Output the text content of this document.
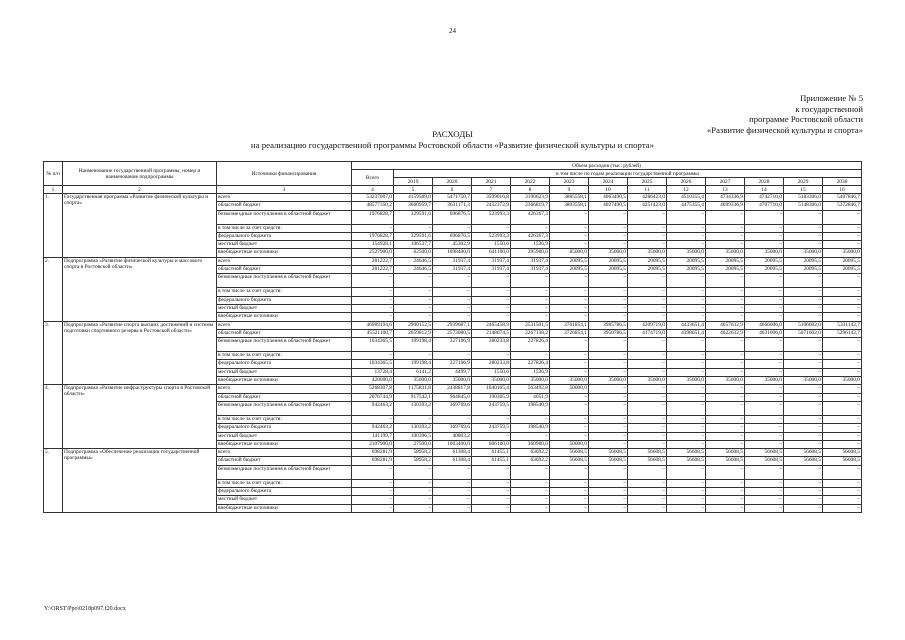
24
Приложение № 5
к государственной
программе Ростовской области
«Развитие физической культуры и спорта»
РАСХОДЫ
на реализацию государственной программы Ростовской области «Развитие физической культуры и спорта»
№ п/п	Наименование государственной программы, номер и наименование подпрограммы	Источники финансирования	Объем расходов (тыс. рублей)												
			Всего	в том числе по годам реализации государственной программы											
				2019	2020	2021	2022	2023	2024	2025	2026	2027	2028	2029	2030
1	2	3	4	5	6	7	8	9	10	11	12	13	14	15	16
1.	Государственная программа «Развитие физической культуры и спорта»	всего	53237007,0	4159589,0	5471750,7	3599016,8	3190623,9	3885558,1	4063490,5	4286423,0	4510355,4	4734336,9	4742710,0	5183306,0	5407846,7
		областной бюджет	48577350,2	3660959,7	3631171,3	2432372,9	2366819,7	3803558,1	4027490,5	4251423,0	4475355,4	4699336,9	4707710,0	5148306,0	5372846,7
		безвозмездные поступления в областной бюджет	1976828,7	329591,6	696876,5	523993,3	426367,3	–	–	–	–	–	–	–	–
		в том числе за счет средств:	–	–	–	–	–	–	–	–	–	–	–	–	–
		федерального бюджета	1976828,7	329591,6	696876,5	523993,3	426367,3	–	–	–	–	–	–	–	–
		местный бюджет	154928,1	106537,7	45302,9	1550,6	1536,9	–	–	–	–	–	–	–	–
		внебюджетные источники	2527900,0	62500,0	1098400,0	641100,0	395900,0	85000,0	35000,0	35000,0	35000,0	35000,0	35000,0	35000,0	35000,0
2.	Подпрограмма «Развитие физической культуры и массового спорта в Ростовской области»	всего	281222,7	24646,5	31937,4	31937,4	31937,4	20095,5	20095,5	20095,5	20095,5	20095,5	20095,5	20095,5	20095,5
		областной бюджет	281222,7	24646,5	31937,4	31937,4	31937,4	20095,5	20095,5	20095,5	20095,5	20095,5	20095,5	20095,5	20095,5
		безвозмездные поступления в областной бюджет	–	–	–	–	–	–	–	–	–	–	–	–	–
		в том числе за счет средств:	–	–	–	–	–	–	–	–	–	–	–	–	–
		федерального бюджета	–	–	–	–	–	–	–	–	–	–	–	–	–
		местный бюджет	–	–	–	–	–	–	–	–	–	–	–	–	–
		внебюджетные источники	–	–	–	–	–	–	–	–	–	–	–	–	–
3.	Подпрограмма «Развитие спорта высших достижений и системы подготовки спортивного резерва в Ростовской области»	всего	46989194,6	2900152,5	2939687,1	2465458,9	2531501,5	3761854,1	3985786,5	4209719,0	4433651,4	4657632,9	4666006,0	5106602,0	5331142,7
		областной бюджет	45521100,7	2659812,9	2573080,5	2148674,5	2267138,2	3726854,1	3950786,5	4174719,0	4398651,4	4622632,9	4631006,0	5071602,0	5296142,7
		безвозмездные поступления в областной бюджет	1034365,5	199198,4	327106,9	280233,8	227826,4	–	–	–	–	–	–	–	–
		в том числе за счет средств:	–	–	–	–	–	–	–	–	–	–	–	–	–
		федерального бюджета	1034365,5	199198,4	327106,9	280233,8	227826,4	–	–	–	–	–	–	–	–
		местный бюджет	13728,4	6141,2	4499,7	1550,6	1536,9	–	–	–	–	–	–	–	–
		внебюджетные источники	420000,0	35000,0	35000,0	35000,0	35000,0	35000,0	35000,0	35000,0	35000,0	35000,0	35000,0	35000,0	35000,0
4.	Подпрограмма «Развитие инфраструктуры спорта в Ростовской области»	всего	5268307,8	1175831,8	2438817,8	1040165,4	563492,8	50000,0	–	–	–	–	–	–	–
		областной бюджет	2076744,9	917542,1	964845,0	190305,9	4051,9	–	–	–	–	–	–	–	–
		безвозмездные поступления в областной бюджет	942463,2	130393,2	369769,6	243759,5	198540,9	–	–	–	–	–	–	–	–
		в том числе за счет средств:	–	–	–	–	–	–	–	–	–	–	–	–	–
		федерального бюджета	942463,2	130393,2	369769,6	243759,5	198540,9	–	–	–	–	–	–	–	–
		местный бюджет	141199,7	100396,5	40803,2	–	–	–	–	–	–	–	–	–	–
		внебюджетные источники	2107900,0	27500,0	1063400,0	606100,0	360900,0	50000,0	–	–	–	–	–	–	–
5.	Подпрограмма «Обеспечение реализации государственной программы»	всего	698281,9	58958,2	61308,4	61455,1	63692,2	56608,5	56608,5	56608,5	56608,5	56608,5	56608,5	56608,5	56608,5
		областной бюджет	698281,9	58958,2	61308,4	61455,1	63692,2	56608,5	56608,5	56608,5	56608,5	56608,5	56608,5	56608,5	56608,5
		безвозмездные поступления в областной бюджет	–	–	–	–	–	–	–	–	–	–	–	–	–
		в том числе за счет средств:	–	–	–	–	–	–	–	–	–	–	–	–	–
		федерального бюджета	–	–	–	–	–	–	–	–	–	–	–	–	–
		местный бюджет	–	–	–	–	–	–	–	–	–	–	–	–	–
		внебюджетные источники	–	–	–	–	–	–	–	–	–	–	–	–	–
Y:\ORST\Ppo\0218p097.f20.docx
